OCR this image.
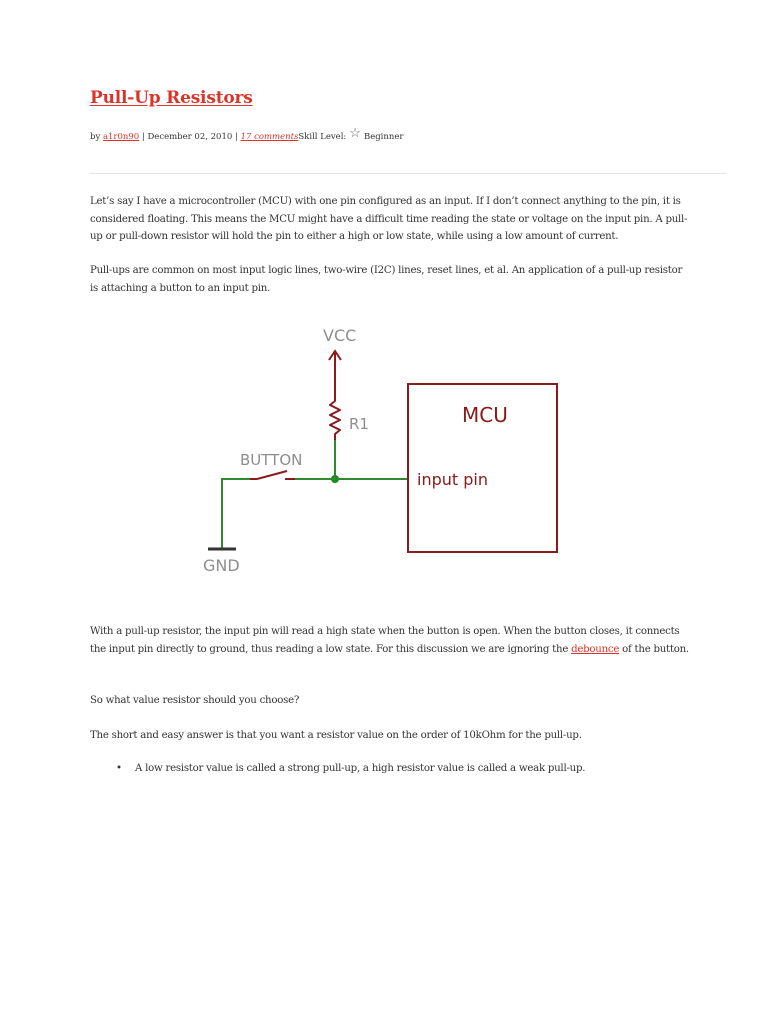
Pull-Up Resistors
by a1r0n90 | December 02, 2010 | 17 commentsSkill Level: ☆ Beginner

Let’s say I have a microcontroller (MCU) with one pin configured as an input. If I don’t connect anything to the pin, it is considered floating. This means the MCU might have a difficult time reading the state or voltage on the input pin. A pull-up or pull-down resistor will hold the pin to either a high or low state, while using a low amount of current.

Pull-ups are common on most input logic lines, two-wire (I2C) lines, reset lines, et al. An application of a pull-up resistor is attaching a button to an input pin.

VCC
R1
BUTTON
GND
MCU
input pin

With a pull-up resistor, the input pin will read a high state when the button is open. When the button closes, it connects the input pin directly to ground, thus reading a low state. For this discussion we are ignoring the debounce of the button.

So what value resistor should you choose?

The short and easy answer is that you want a resistor value on the order of 10kOhm for the pull-up.

• A low resistor value is called a strong pull-up, a high resistor value is called a weak pull-up.
